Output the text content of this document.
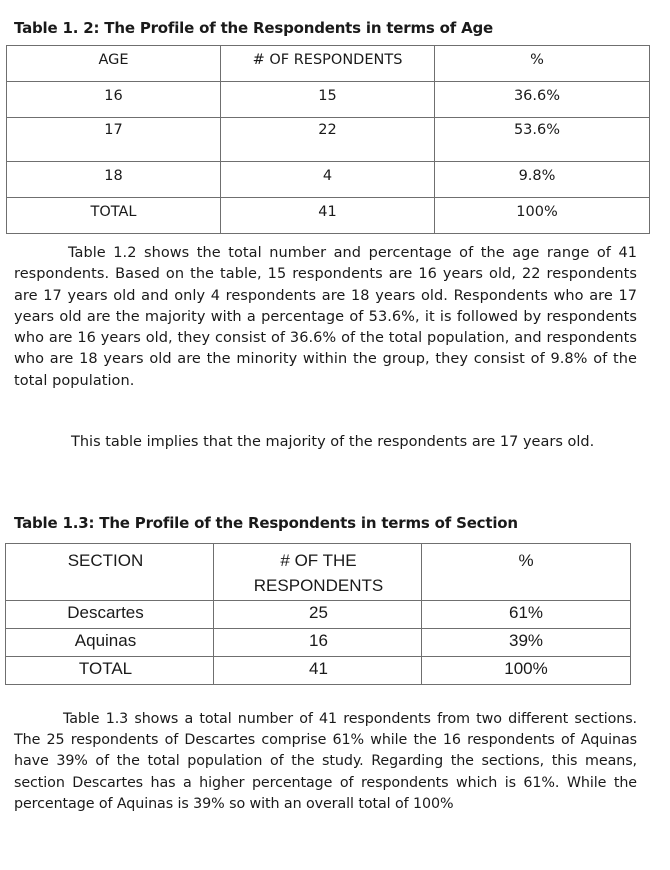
Table 1. 2: The Profile of the Respondents in terms of Age
AGE	# OF RESPONDENTS	%
16	15	36.6%
17	22	53.6%
18	4	9.8%
TOTAL	41	100%

Table 1.2 shows the total number and percentage of the age range of 41 respondents. Based on the table, 15 respondents are 16 years old, 22 respondents are 17 years old and only 4 respondents are 18 years old. Respondents who are 17 years old are the majority with a percentage of 53.6%, it is followed by respondents who are 16 years old, they consist of 36.6% of the total population, and respondents who are 18 years old are the minority within the group, they consist of 9.8% of the total population.

This table implies that the majority of the respondents are 17 years old.

Table 1.3: The Profile of the Respondents in terms of Section
SECTION	# OF THE RESPONDENTS	%
Descartes	25	61%
Aquinas	16	39%
TOTAL	41	100%

Table 1.3 shows a total number of 41 respondents from two different sections. The 25 respondents of Descartes comprise 61% while the 16 respondents of Aquinas have 39% of the total population of the study. Regarding the sections, this means, section Descartes has a higher percentage of respondents which is 61%. While the percentage of Aquinas is 39% so with an overall total of 100%
